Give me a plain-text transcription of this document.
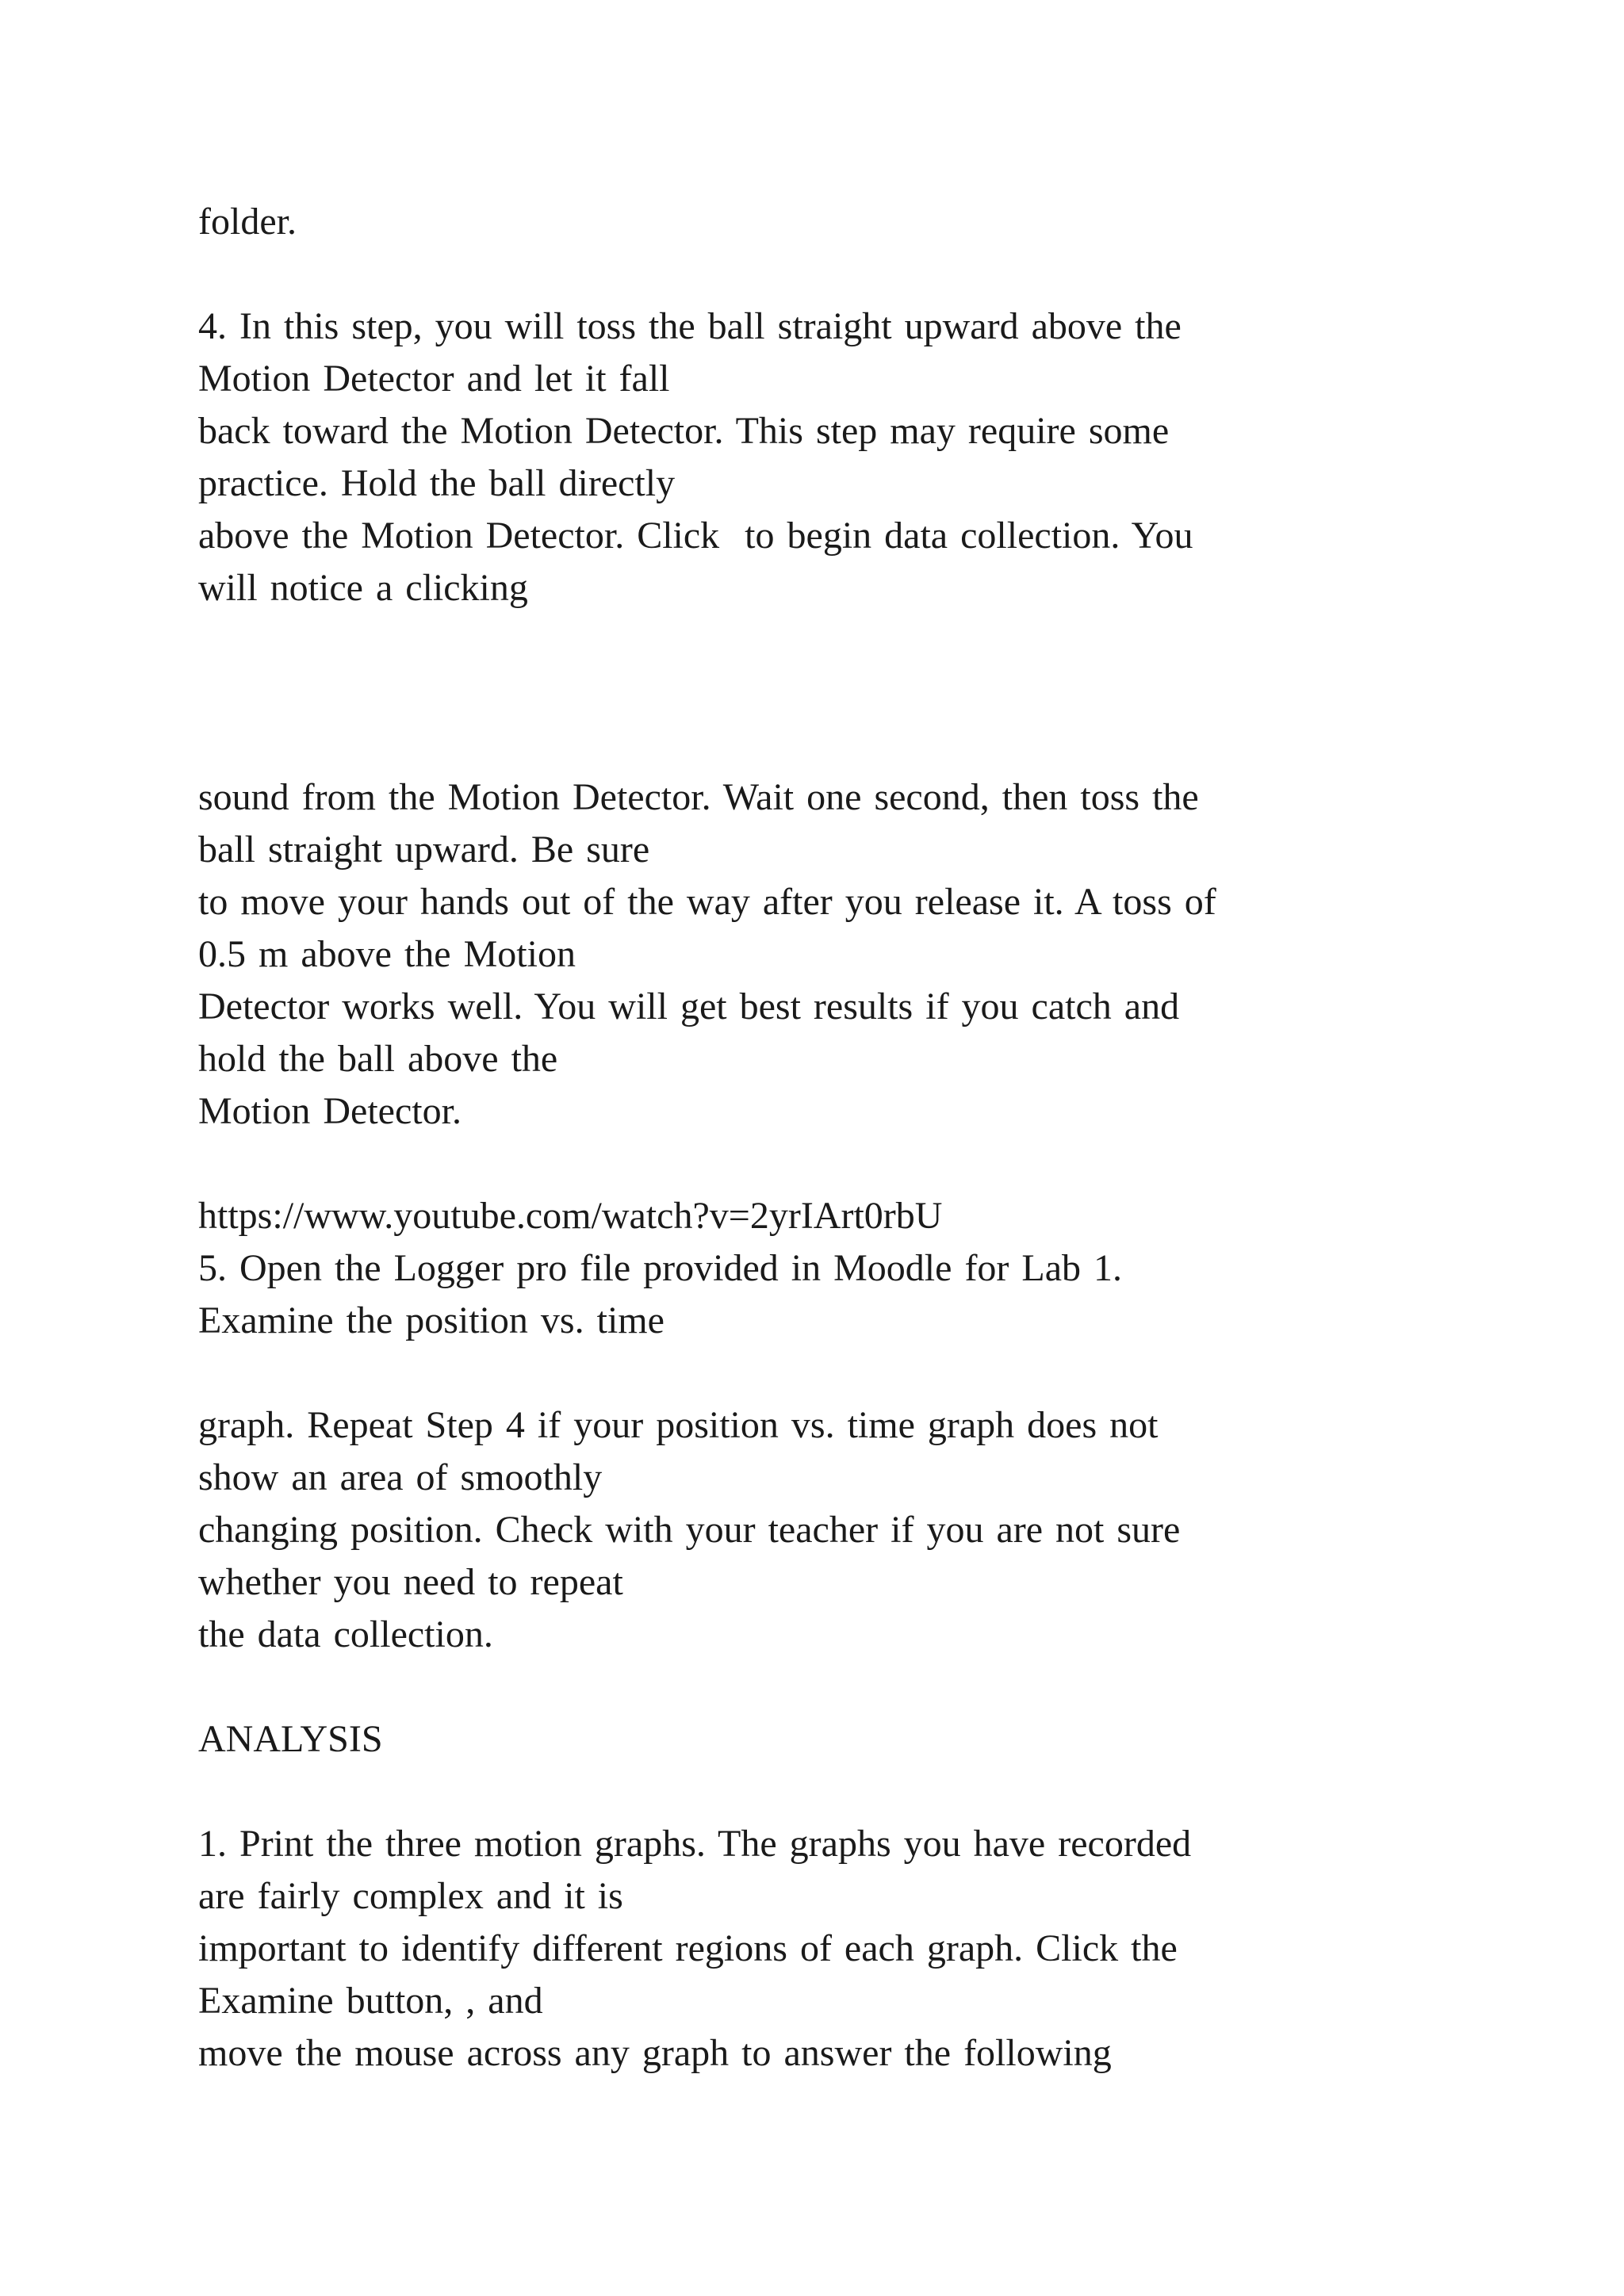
folder.

4. In this step, you will toss the ball straight upward above the

Motion Detector and let it fall

back toward the Motion Detector. This step may require some

practice. Hold the ball directly

above the Motion Detector. Click  to begin data collection. You

will notice a clicking

sound from the Motion Detector. Wait one second, then toss the

ball straight upward. Be sure

to move your hands out of the way after you release it. A toss of

0.5 m above the Motion

Detector works well. You will get best results if you catch and

hold the ball above the

Motion Detector.

https://www.youtube.com/watch?v=2yrIArt0rbU

5. Open the Logger pro file provided in Moodle for Lab 1.

Examine the position vs. time

graph. Repeat Step 4 if your position vs. time graph does not

show an area of smoothly

changing position. Check with your teacher if you are not sure

whether you need to repeat

the data collection.

ANALYSIS

1. Print the three motion graphs. The graphs you have recorded

are fairly complex and it is

important to identify different regions of each graph. Click the

Examine button, , and

move the mouse across any graph to answer the following
